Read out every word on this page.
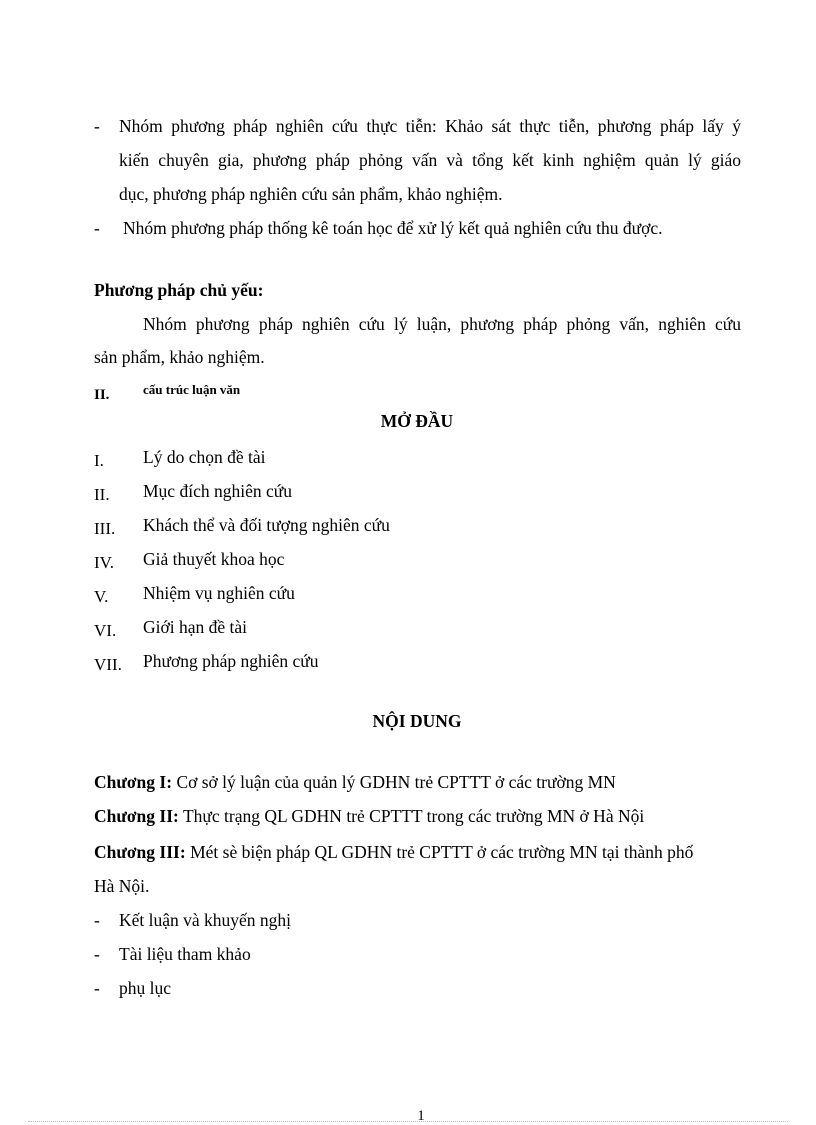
- Nhóm phương pháp nghiên cứu thực tiễn: Khảo sát thực tiễn, phương pháp lấy ý
kiến chuyên gia, phương pháp phỏng vấn và tổng kết kinh nghiệm quản lý giáo
dục, phương pháp nghiên cứu sản phẩm, khảo nghiệm.
- Nhóm phương pháp thống kê toán học để xử lý kết quả nghiên cứu thu được.
Phương pháp chủ yếu:
Nhóm phương pháp nghiên cứu lý luận, phương pháp phỏng vấn, nghiên cứu
sản phẩm, khảo nghiệm.
II.	cấu trúc luận văn
MỞ ĐẦU
I. Lý do chọn đề tài
II. Mục đích nghiên cứu
III. Khách thể và đối tượng nghiên cứu
IV. Giả thuyết khoa học
V. Nhiệm vụ nghiên cứu
VI. Giới hạn đề tài
VII. Phương pháp nghiên cứu
NỘI DUNG
Chương I: Cơ sở lý luận của quản lý GDHN trẻ CPTTT ở các trường MN
Chương II: Thực trạng QL GDHN trẻ CPTTT trong các trường MN ở Hà Nội
Chương III: Mét sè biện pháp QL GDHN trẻ CPTTT ở các trường MN tại thành phố
Hà Nội.
- Kết luận và khuyến nghị
- Tài liệu tham khảo
- phụ lục
1
